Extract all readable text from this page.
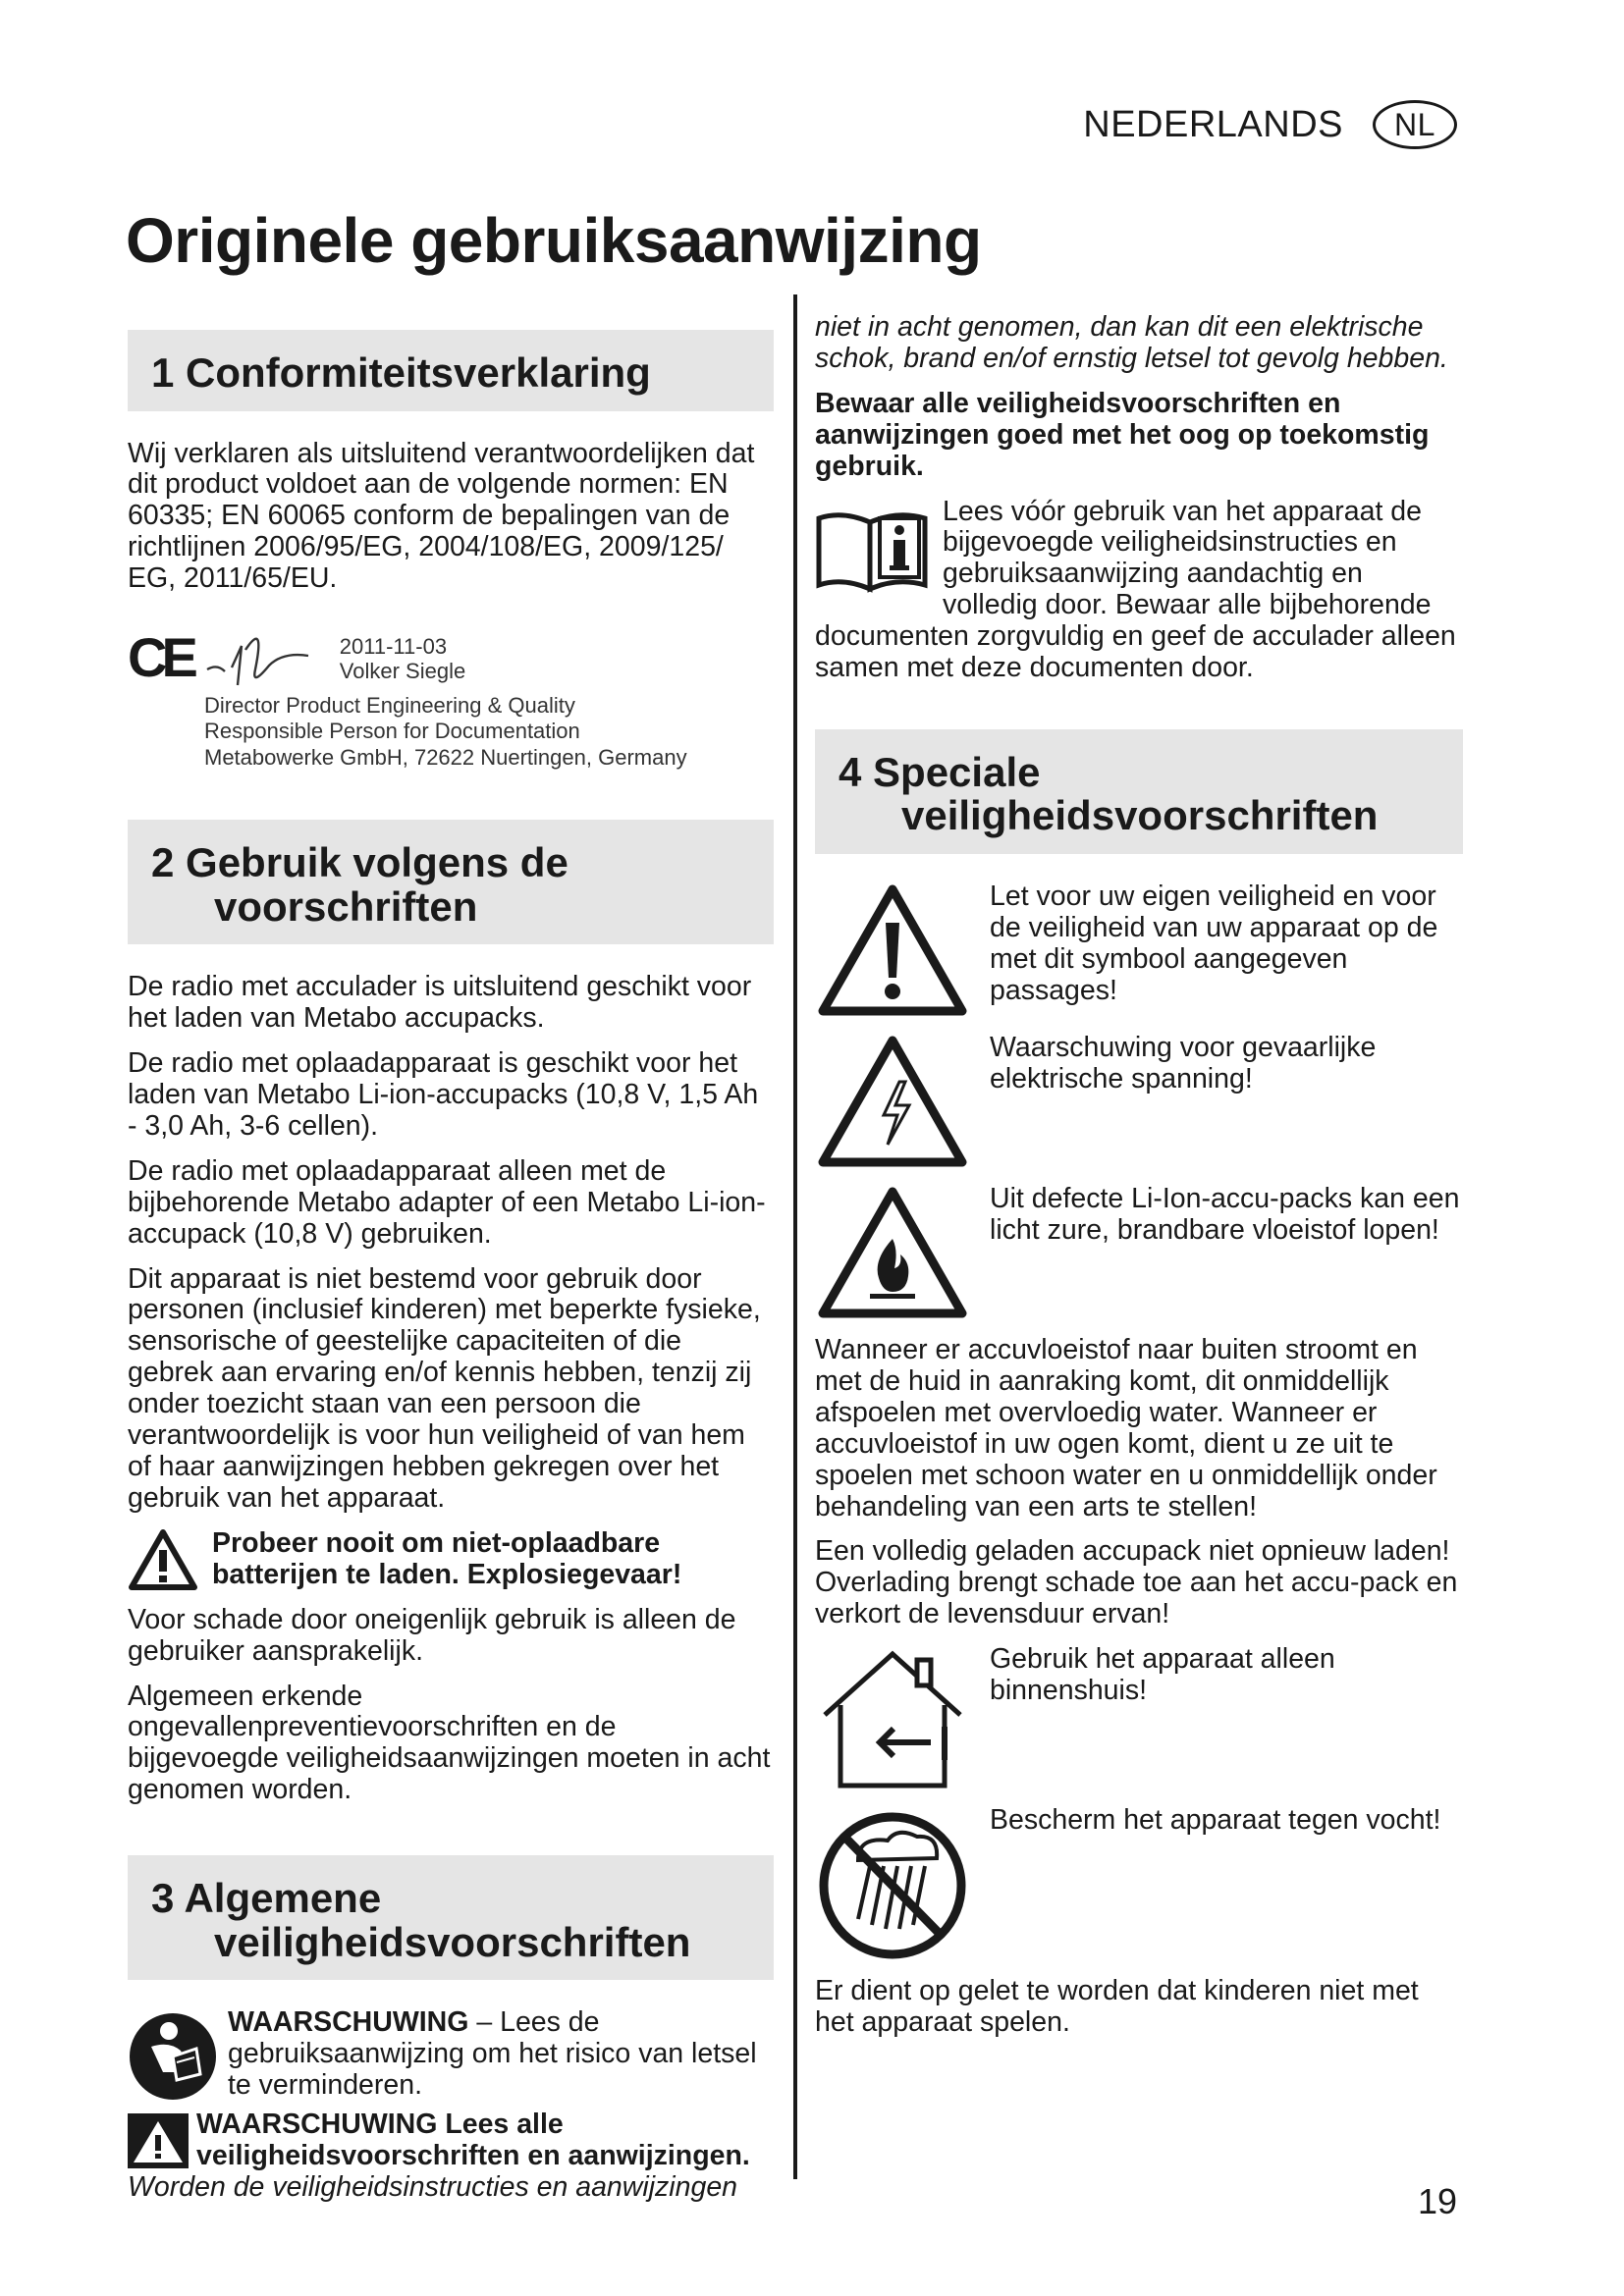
NEDERLANDS	NL
Originele gebruiksaanwijzing
1 Conformiteitsverklaring

Wij verklaren als uitsluitend verantwoordelijken dat dit product voldoet aan de volgende normen: EN 60335; EN 60065 conform de bepalingen van de richtlijnen 2006/95/EG, 2004/108/EG, 2009/125/ EG, 2011/65/EU.

CE	2011-11-03
Volker Siegle
Director Product Engineering & Quality
Responsible Person for Documentation
Metabowerke GmbH, 72622 Nuertingen, Germany
2 Gebruik volgens de
voorschriften

De radio met acculader is uitsluitend geschikt voor het laden van Metabo accupacks.

De radio met oplaadapparaat is geschikt voor het laden van Metabo Li-ion-accupacks (10,8 V, 1,5 Ah - 3,0 Ah, 3-6 cellen).

De radio met oplaadapparaat alleen met de bijbehorende Metabo adapter of een Metabo Li-ion-accupack (10,8 V) gebruiken.

Dit apparaat is niet bestemd voor gebruik door personen (inclusief kinderen) met beperkte fysieke, sensorische of geestelijke capaciteiten of die gebrek aan ervaring en/of kennis hebben, tenzij zij onder toezicht staan van een persoon die verantwoordelijk is voor hun veiligheid of van hem of haar aanwijzingen hebben gekregen over het gebruik van het apparaat.

Probeer nooit om niet-oplaadbare batterijen te laden. Explosiegevaar!

Voor schade door oneigenlijk gebruik is alleen de gebruiker aansprakelijk.

Algemeen erkende ongevallenpreventievoorschriften en de bijgevoegde veiligheidsaanwijzingen moeten in acht genomen worden.

3 Algemene
veiligheidsvoorschriften

WAARSCHUWING – Lees de gebruiksaanwijzing om het risico van letsel te verminderen.

WAARSCHUWING Lees alle veiligheidsvoorschriften en aanwijzingen.

Worden de veiligheidsinstructies en aanwijzingen

niet in acht genomen, dan kan dit een elektrische schok, brand en/of ernstig letsel tot gevolg hebben.

Bewaar alle veiligheidsvoorschriften en aanwijzingen goed met het oog op toekomstig gebruik.

Lees vóór gebruik van het apparaat de bijgevoegde veiligheidsinstructies en gebruiksaanwijzing aandachtig en volledig door. Bewaar alle bijbehorende

documenten zorgvuldig en geef de acculader alleen samen met deze documenten door.

4 Speciale
veiligheidsvoorschriften

Let voor uw eigen veiligheid en voor de veiligheid van uw apparaat op de met dit symbool aangegeven passages!

Waarschuwing voor gevaarlijke elektrische spanning!

Uit defecte Li-Ion-accu-packs kan een licht zure, brandbare vloeistof lopen!

Wanneer er accuvloeistof naar buiten stroomt en met de huid in aanraking komt, dit onmiddellijk afspoelen met overvloedig water. Wanneer er accuvloeistof in uw ogen komt, dient u ze uit te spoelen met schoon water en u onmiddellijk onder behandeling van een arts te stellen!

Een volledig geladen accupack niet opnieuw laden! Overlading brengt schade toe aan het accu-pack en verkort de levensduur ervan!

Gebruik het apparaat alleen binnenshuis!

Bescherm het apparaat tegen vocht!

Er dient op gelet te worden dat kinderen niet met het apparaat spelen.

19
